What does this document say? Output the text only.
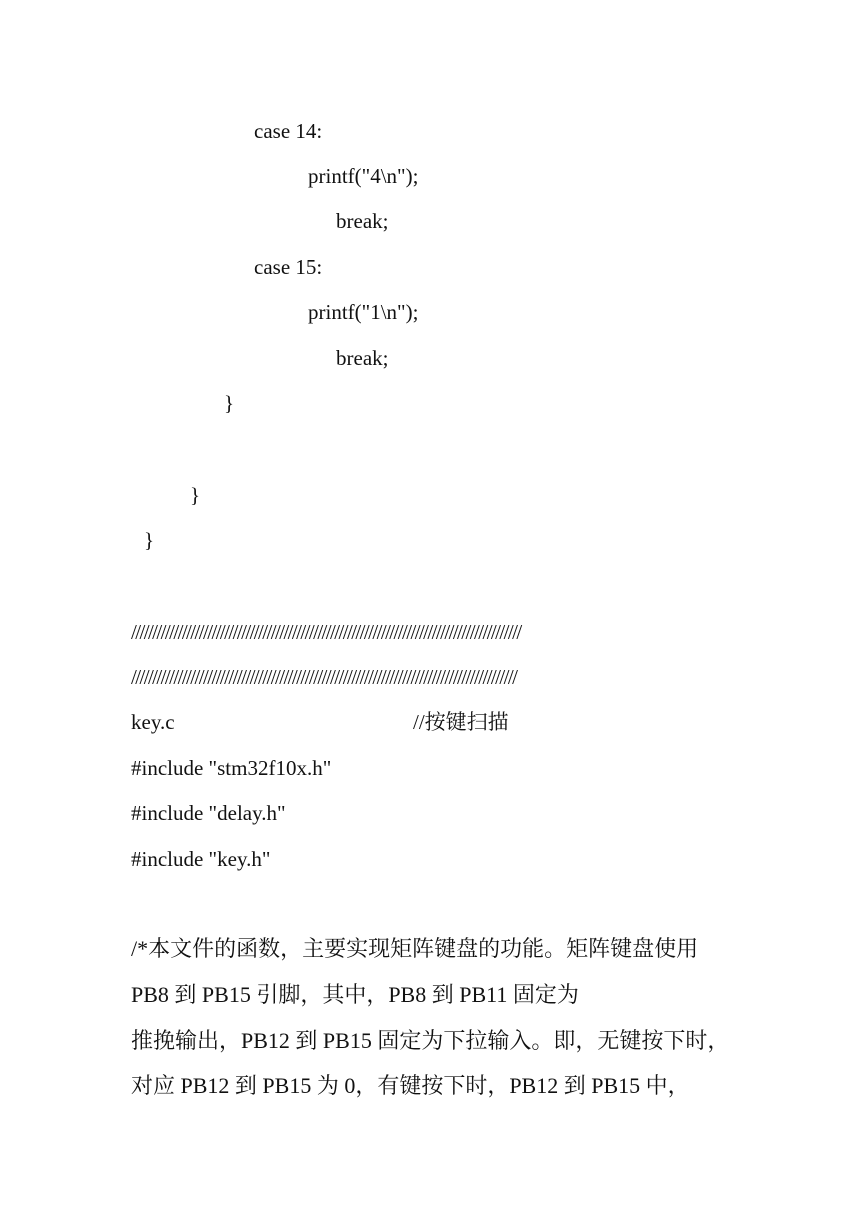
case 14:
printf("4\n");
break;
case 15:
printf("1\n");
break;
}
}
}
////////////////////////////////////////////////////////////////////////////////////////////
///////////////////////////////////////////////////////////////////////////////////////////
key.c	//按键扫描
#include "stm32f10x.h"
#include "delay.h"
#include "key.h"
/*本文件的函数，主要实现矩阵键盘的功能。矩阵键盘使用
PB8 到 PB15 引脚，其中，PB8 到 PB11 固定为
推挽输出，PB12 到 PB15 固定为下拉输入。即，无键按下时，
对应 PB12 到 PB15 为 0，有键按下时，PB12 到 PB15 中，
